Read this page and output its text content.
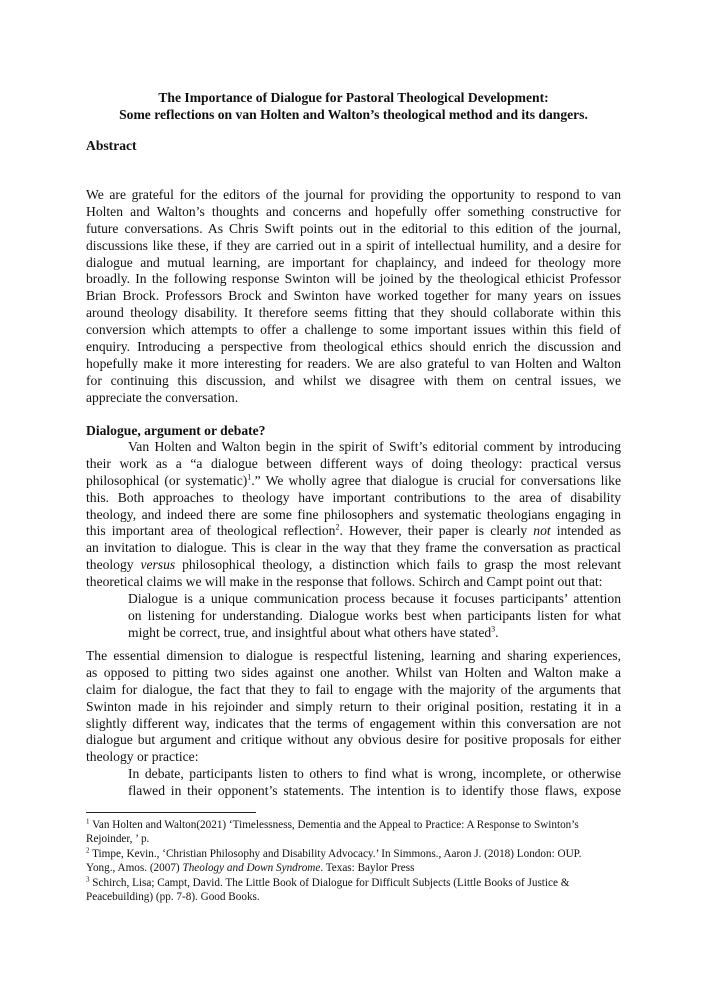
The Importance of Dialogue for Pastoral Theological Development:
Some reflections on van Holten and Walton’s theological method and its dangers.
Abstract
We are grateful for the editors of the journal for providing the opportunity to respond to van
Holten and Walton’s thoughts and concerns and hopefully offer something constructive for
future conversations. As Chris Swift points out in the editorial to this edition of the journal,
discussions like these, if they are carried out in a spirit of intellectual humility, and a desire for
dialogue and mutual learning, are important for chaplaincy, and indeed for theology more
broadly. In the following response Swinton will be joined by the theological ethicist Professor
Brian Brock. Professors Brock and Swinton have worked together for many years on issues
around theology disability. It therefore seems fitting that they should collaborate within this
conversion which attempts to offer a challenge to some important issues within this field of
enquiry. Introducing a perspective from theological ethics should enrich the discussion and
hopefully make it more interesting for readers. We are also grateful to van Holten and Walton
for continuing this discussion, and whilst we disagree with them on central issues, we
appreciate the conversation.
Dialogue, argument or debate?
Van Holten and Walton begin in the spirit of Swift’s editorial comment by introducing
their work as a “a dialogue between different ways of doing theology: practical versus
philosophical (or systematic)$^1$.” We wholly agree that dialogue is crucial for conversations like
this. Both approaches to theology have important contributions to the area of disability
theology, and indeed there are some fine philosophers and systematic theologians engaging in
this important area of theological reflection$^2$. However, their paper is clearly not intended as
an invitation to dialogue. This is clear in the way that they frame the conversation as practical
theology versus philosophical theology, a distinction which fails to grasp the most relevant
theoretical claims we will make in the response that follows. Schirch and Campt point out that:
Dialogue is a unique communication process because it focuses participants’ attention
on listening for understanding. Dialogue works best when participants listen for what
might be correct, true, and insightful about what others have stated$^3$.
The essential dimension to dialogue is respectful listening, learning and sharing experiences,
as opposed to pitting two sides against one another. Whilst van Holten and Walton make a
claim for dialogue, the fact that they to fail to engage with the majority of the arguments that
Swinton made in his rejoinder and simply return to their original position, restating it in a
slightly different way, indicates that the terms of engagement within this conversation are not
dialogue but argument and critique without any obvious desire for positive proposals for either
theology or practice:
In debate, participants listen to others to find what is wrong, incomplete, or otherwise
flawed in their opponent’s statements. The intention is to identify those flaws, expose
$^1$ Van Holten and Walton(2021) ‘Timelessness, Dementia and the Appeal to Practice: A Response to Swinton’s
Rejoinder, ’ p.
$^2$ Timpe, Kevin., ‘Christian Philosophy and Disability Advocacy.’ In Simmons., Aaron J. (2018) London: OUP.
Yong., Amos. (2007) Theology and Down Syndrome. Texas: Baylor Press
$^3$ Schirch, Lisa; Campt, David. The Little Book of Dialogue for Difficult Subjects (Little Books of Justice &
Peacebuilding) (pp. 7-8). Good Books.
